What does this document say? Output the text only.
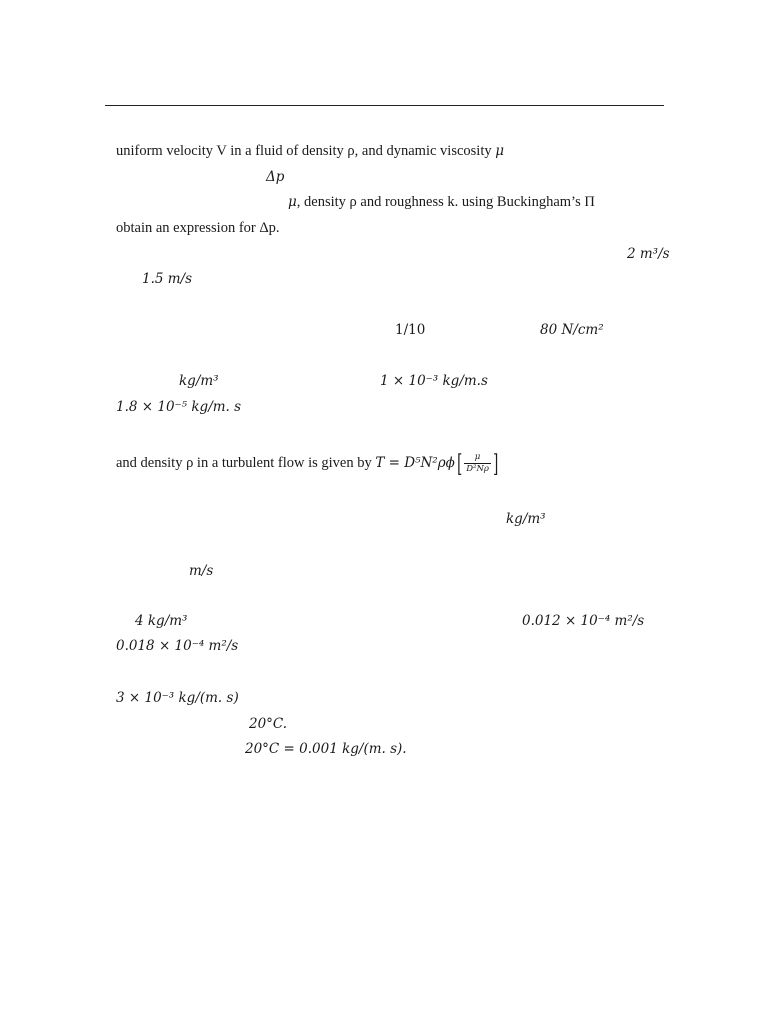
uniform velocity V in a fluid of density ρ, and dynamic viscosity μ
Δp
μ, density ρ and roughness k. using Buckingham’s Π
obtain an expression for Δp.
2 m³/s
1.5 m/s
1/10	80 N/cm²
kg/m³	1 × 10⁻³ kg/m.s
1.8 × 10⁻⁵ kg/m. s
and density ρ in a turbulent flow is given by $T = D^5N^2\rho\phi[ \frac{\mu}{\text{D²Nρ}}$ ]
kg/m³
m/s
4 kg/m³	0.012 × 10⁻⁴ m²/s
0.018 × 10⁻⁴ m²/s
3 × 10⁻³ kg/(m. s)
20°C.
20°C = 0.001 kg/(m. s).
